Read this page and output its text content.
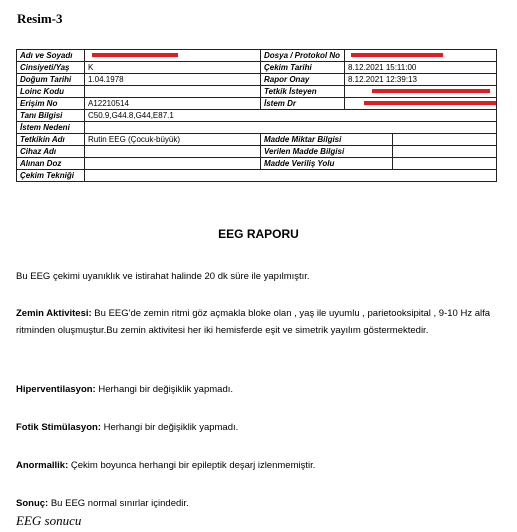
Resim-3
Adı ve Soyadı		Dosya / Protokol No		
Cinsiyeti/Yaş	K	Çekim Tarihi	8.12.2021 15:11:00	
Doğum Tarihi	1.04.1978	Rapor Onay	8.12.2021 12:39:13	
Loinc Kodu		Tetkik İsteyen		
Erişim No	A12210514	İstem Dr		
Tanı Bilgisi	C50.9,G44.8,G44,E87.1			
İstem Nedeni				
Tetkikin Adı	Rutin EEG (Çocuk-büyük)	Madde Miktar Bilgisi		
Cihaz Adı		Verilen Madde Bilgisi		
Alınan Doz		Madde Veriliş Yolu		
Çekim Tekniği				
EEG RAPORU
Bu EEG çekimi uyanıklık ve istirahat halinde 20 dk süre ile yapılmıştır.
Zemin Aktivitesi: Bu EEG'de zemin ritmi göz açmakla bloke olan , yaş ile uyumlu , parietooksipital , 9-10 Hz alfa ritminden oluşmuştur.Bu zemin aktivitesi her iki hemisferde eşit ve simetrik yayılım göstermektedir.
Hiperventilasyon: Herhangi bir değişiklik yapmadı.
Fotik Stimülasyon: Herhangi bir değişiklik yapmadı.
Anormallik: Çekim boyunca herhangi bir epileptik deşarj izlenmemiştir.
Sonuç: Bu EEG normal sınırlar içindedir.
EEG sonucu
